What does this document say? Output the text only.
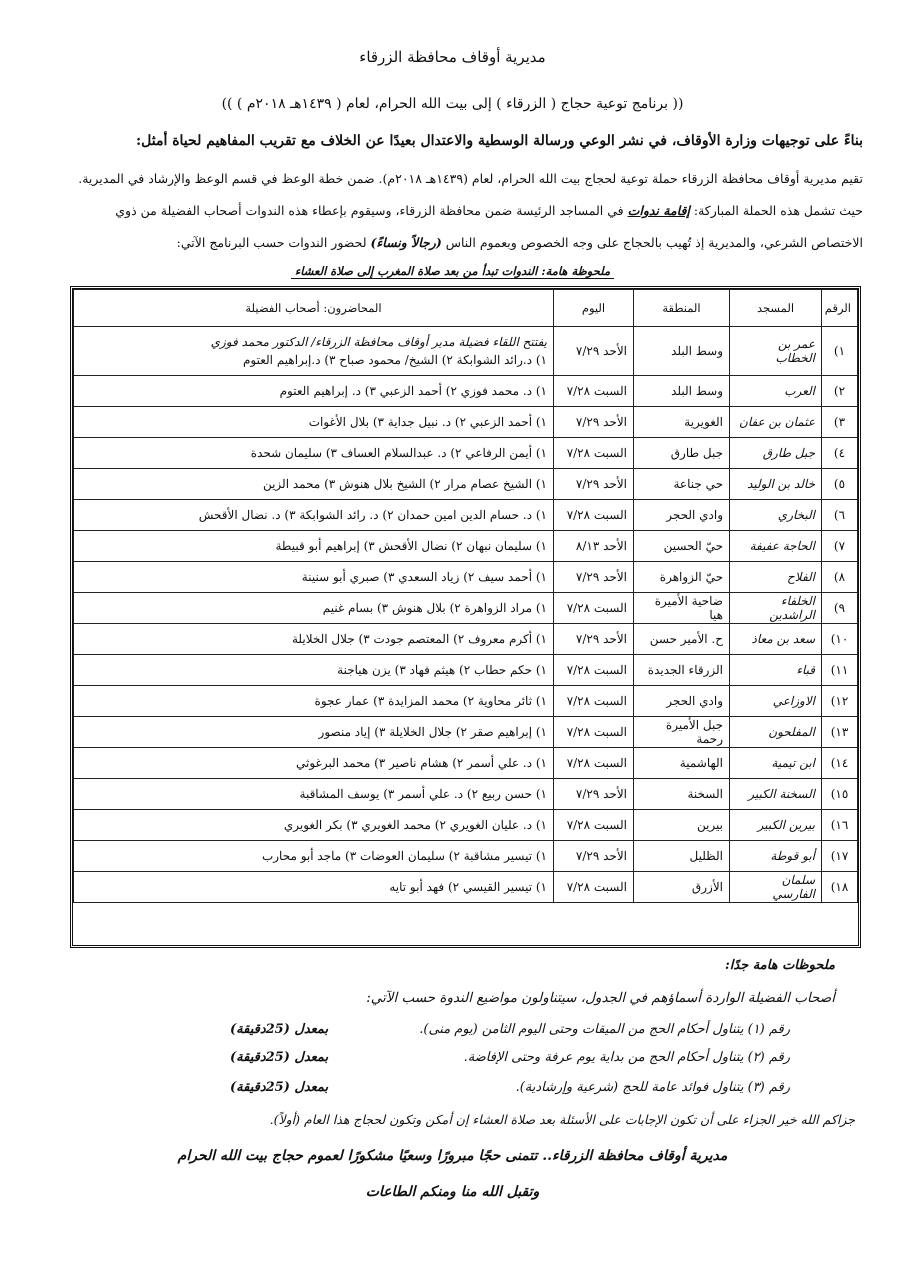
مديرية أوقاف محافظة الزرقاء
(( برنامج توعية حجاج ( الزرقاء ) إلى بيت الله الحرام، لعام ( ١٤٣٩هـ ٢٠١٨م ) ))
بناءً على توجيهات وزارة الأوقاف، في نشر الوعي ورسالة الوسطية والاعتدال بعيدًا عن الخلاف مع تقريب المفاهيم لحياة أمثل:
تقيم مديرية أوقاف محافظة الزرقاء حملة توعية لحجاج بيت الله الحرام، لعام (١٤٣٩هـ ٢٠١٨م). ضمن خطة الوعظ في قسم الوعظ والإرشاد في المديرية.
حيث تشمل هذه الحملة المباركة: إقامة ندوات في المساجد الرئيسة ضمن محافظة الزرقاء، وسيقوم بإعطاء هذه الندوات أصحاب الفضيلة من ذوي
الاختصاص الشرعي، والمديرية إذ تُهيب بالحجاج على وجه الخصوص وبعموم الناس (رجالاً ونساءً) لحضور الندوات حسب البرنامج الآتي:
ملحوظة هامة: الندوات تبدأ من بعد صلاة المغرب إلى صلاة العشاء
الرقم	المسجد	المنطقة	اليوم	المحاضرون: أصحاب الفضيلة
١)	عمر بن الخطاب	وسط البلد	الأحد ٧/٢٩	يفتتح اللقاء فضيلة مدير أوقاف محافظة الزرقاء/ الدكتور محمد فوزي
١) د.رائد الشوابكة ٢) الشيخ/ محمود صباح ٣) د.إبراهيم العتوم

٢)	العرب	وسط البلد	السبت ٧/٢٨	١) د. محمد فوزي ٢) أحمد الزعبي ٣) د. إبراهيم العتوم
٣)	عثمان بن عفان	الغويرية	الأحد ٧/٢٩	١) أحمد الزعبي ٢) د. نبيل جداية ٣) بلال الأغوات
٤)	جبل طارق	جبل طارق	السبت ٧/٢٨	١) أيمن الرفاعي ٢) د. عبدالسلام العساف ٣) سليمان شحدة
٥)	خالد بن الوليد	حي جناعة	الأحد ٧/٢٩	١) الشيخ عصام مرار ٢) الشيخ بلال هنوش ٣) محمد الزين
٦)	البخاري	وادي الحجر	السبت ٧/٢٨	١) د. حسام الدين امين حمدان ٢) د. رائد الشوابكة ٣) د. نضال الأقحش
٧)	الحاجة عفيفة	حيّ الحسين	الأحد ٨/١٣	١) سليمان نبهان ٢) نضال الأقحش ٣) إبراهيم أبو قبيطة
٨)	الفلاح	حيّ الزواهرة	الأحد ٧/٢٩	١) أحمد سيف ٢) زياد السعدي ٣) صبري أبو سنينة
٩)	الخلفاء الراشدين	ضاحية الأميرة هيا	السبت ٧/٢٨	١) مراد الزواهرة ٢) بلال هنوش ٣) بسام غنيم
١٠)	سعد بن معاذ	ح. الأمير حسن	الأحد ٧/٢٩	١) أكرم معروف ٢) المعتصم جودت ٣) جلال الخلايلة
١١)	قباء	الزرقاء الجديدة	السبت ٧/٢٨	١) حكم حطاب ٢) هيثم فهاد ٣) يزن هياجنة
١٢)	الاوزاعي	وادي الحجر	السبت ٧/٢٨	١) ثائر محاوية ٢) محمد المزايدة ٣) عمار عجوة
١٣)	المفلحون	جبل الأميرة رحمة	السبت ٧/٢٨	١) إبراهيم صقر ٢) جلال الخلايلة ٣) إياد منصور
١٤)	ابن تيمية	الهاشمية	السبت ٧/٢٨	١) د. علي أسمر ٢) هشام ناصير ٣) محمد البرغوثي
١٥)	السخنة الكبير	السخنة	الأحد ٧/٢٩	١) حسن ربيع ٢) د. علي أسمر ٣) يوسف المشاقبة
١٦)	بيرين الكبير	بيرين	السبت ٧/٢٨	١) د. عليان الغويري ٢) محمد الغويري ٣) بكر الغويري
١٧)	أبو قوطة	الظليل	الأحد ٧/٢٩	١) تيسير مشاقبة ٢) سليمان العوضات ٣) ماجد أبو محارب
١٨)	سلمان الفارسي	الأزرق	السبت ٧/٢٨	١) تيسير القيسي ٢) فهد أبو تايه
ملحوظات هامة جدًا:
أصحاب الفضيلة الواردة أسماؤهم في الجدول، سيتناولون مواضيع الندوة حسب الآتي:
رقم (١) يتناول أحكام الحج من الميقات وحتى اليوم الثامن (يوم منى).
بمعدل (25دقيقة)
رقم (٢) يتناول أحكام الحج من بداية يوم عرفة وحتى الإفاضة.
بمعدل (25دقيقة)
رقم (٣) يتناول فوائد عامة للحج (شرعية وإرشادية).
بمعدل (25دقيقة)
جزاكم الله خير الجزاء على أن تكون الإجابات على الأسئلة بعد صلاة العشاء إن أمكن وتكون لحجاج هذا العام (أولاً).
مديرية أوقاف محافظة الزرقاء.. تتمنى حجًا مبرورًا وسعيًا مشكورًا لعموم حجاج بيت الله الحرام
وتقبل الله منا ومنكم الطاعات
